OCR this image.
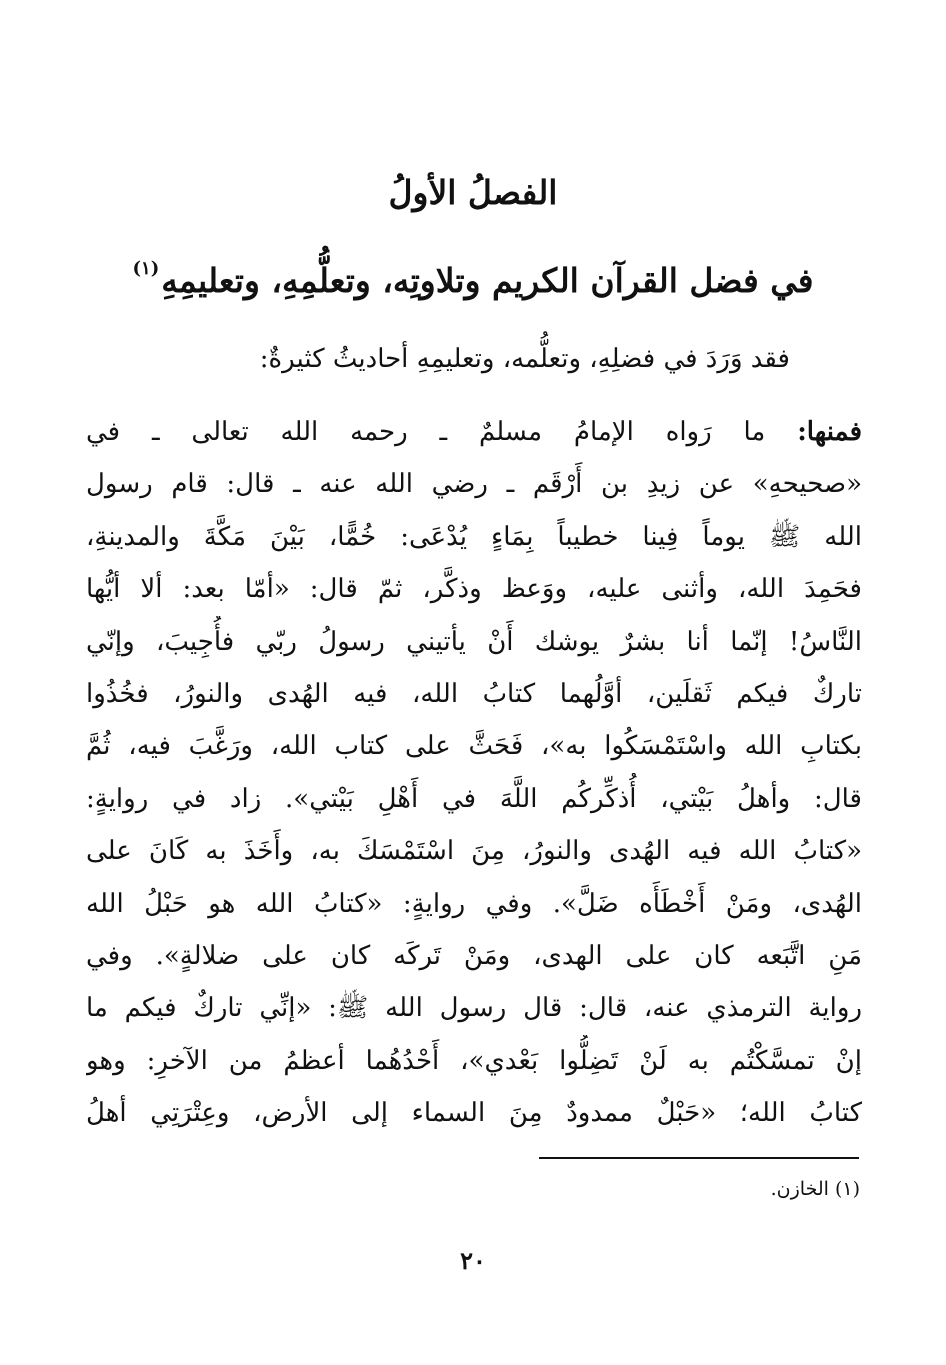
الفصلُ الأولُ
في فضل القرآن الكريم وتلاوتِه، وتعلُّمِهِ، وتعليمِهِ$^{(١)}$

فقد وَرَدَ في فضلِهِ، وتعلُّمه، وتعليمِهِ أحاديثُ كثيرةٌ:

فمنها: ما رَواه الإمامُ مسلمٌ ـ رحمه الله تعالى ـ في
«صحيحهِ» عن زيدِ بن أَرْقَم ـ رضي الله عنه ـ قال: قام رسول
الله ﷺ يوماً فِينا خطيباً بِمَاءٍ يُدْعَى: خُمًّا، بَيْنَ مَكَّةَ والمدينةِ،
فحَمِدَ الله، وأثنى عليه، ووَعظ وذكَّر، ثمّ قال: «أمّا بعد: ألا أيُّها
النَّاسُ! إنّما أنا بشرٌ يوشك أَنْ يأتيني رسولُ ربّي فأُجِيبَ، وإنّي
تاركٌ فيكم ثَقلَين، أوَّلُهما كتابُ الله، فيه الهُدى والنورُ، فخُذُوا
بكتابِ الله واسْتَمْسَكُوا به»، فَحَثَّ على كتاب الله، ورَغَّبَ فيه، ثُمَّ
قال: وأهلُ بَيْتي، أُذكِّركُم اللَّهَ في أَهْلِ بَيْتي». زاد في روايةٍ:
«كتابُ الله فيه الهُدى والنورُ، مِنَ اسْتَمْسَكَ به، وأَخَذَ به كَانَ على
الهُدى، ومَنْ أَخْطَأَه ضَلَّ». وفي روايةٍ: «كتابُ الله هو حَبْلُ الله
مَنِ اتَّبَعه كان على الهدى، ومَنْ تَركَه كان على ضلالةٍ». وفي
رواية الترمذي عنه، قال: قال رسول الله ﷺ: «إنِّي تاركٌ فيكم ما
إنْ تمسَّكْتُم به لَنْ تَضِلُّوا بَعْدي»، أَحْدُهُما أعظمُ من الآخرِ: وهو
كتابُ الله؛ «حَبْلٌ ممدودٌ مِنَ السماء إلى الأرض، وعِتْرَتِي أهلُ

(١) الخازن.

٢٠
